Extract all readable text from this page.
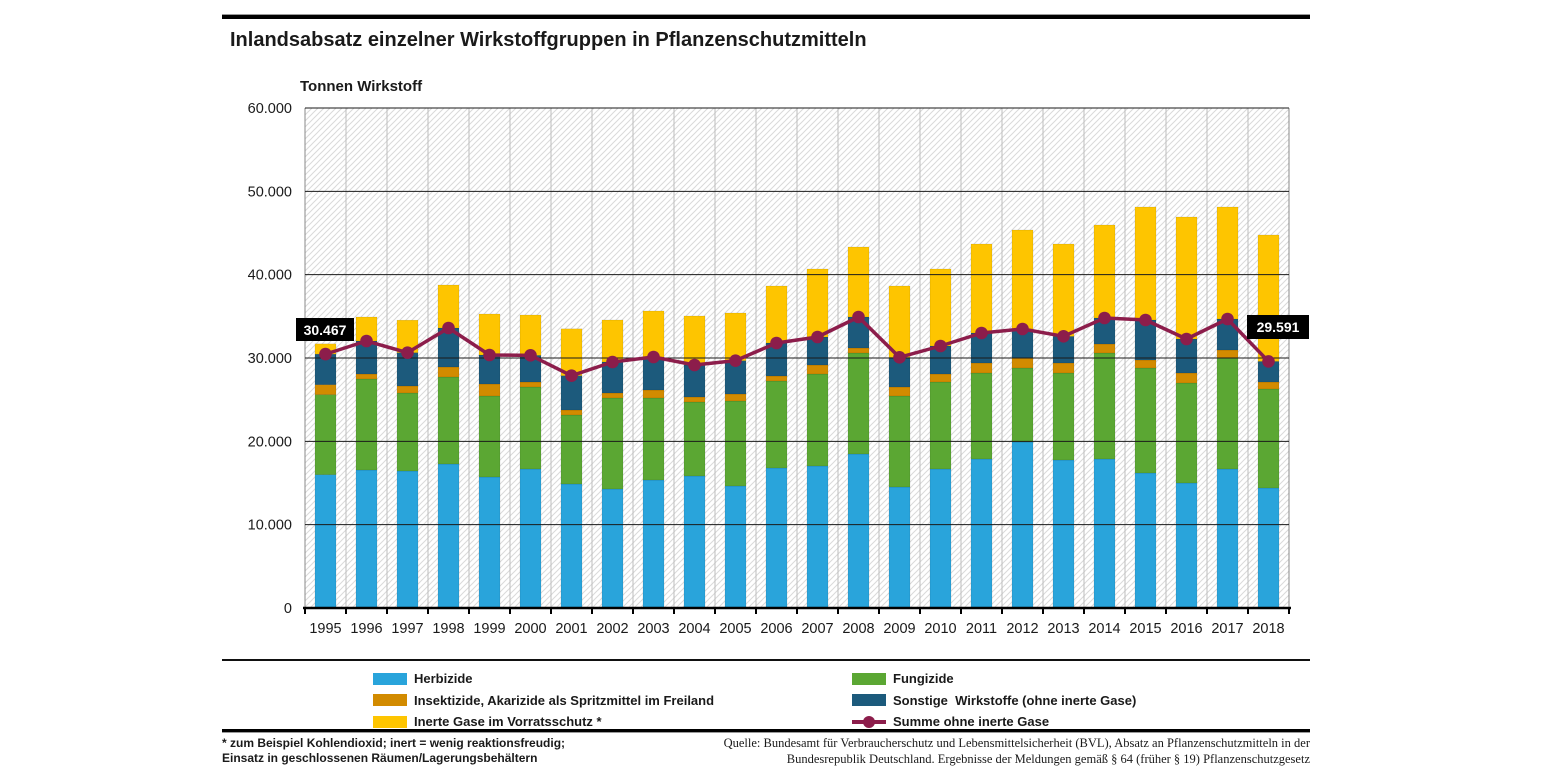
Inlandsabsatz einzelner Wirkstoffgruppen in Pflanzenschutzmitteln
Tonnen Wirkstoff
0
10.000
20.000
30.000
40.000
50.000
60.000
1995 1996 1997 1998 1999 2000 2001 2002 2003 2004 2005 2006 2007 2008 2009 2010 2011 2012 2013 2014 2015 2016 2017 2018
30.467	29.591
Herbizide
Insektizide, Akarizide als Spritzmittel im Freiland
Inerte Gase im Vorratsschutz *
Fungizide
Sonstige  Wirkstoffe (ohne inerte Gase)
Summe ohne inerte Gase
* zum Beispiel Kohlendioxid; inert = wenig reaktionsfreudig;
Einsatz in geschlossenen Räumen/Lagerungsbehältern
Quelle: Bundesamt für Verbraucherschutz und Lebensmittelsicherheit (BVL), Absatz an Pflanzenschutzmitteln in der
Bundesrepublik Deutschland. Ergebnisse der Meldungen gemäß § 64 (früher § 19) Pflanzenschutzgesetz
